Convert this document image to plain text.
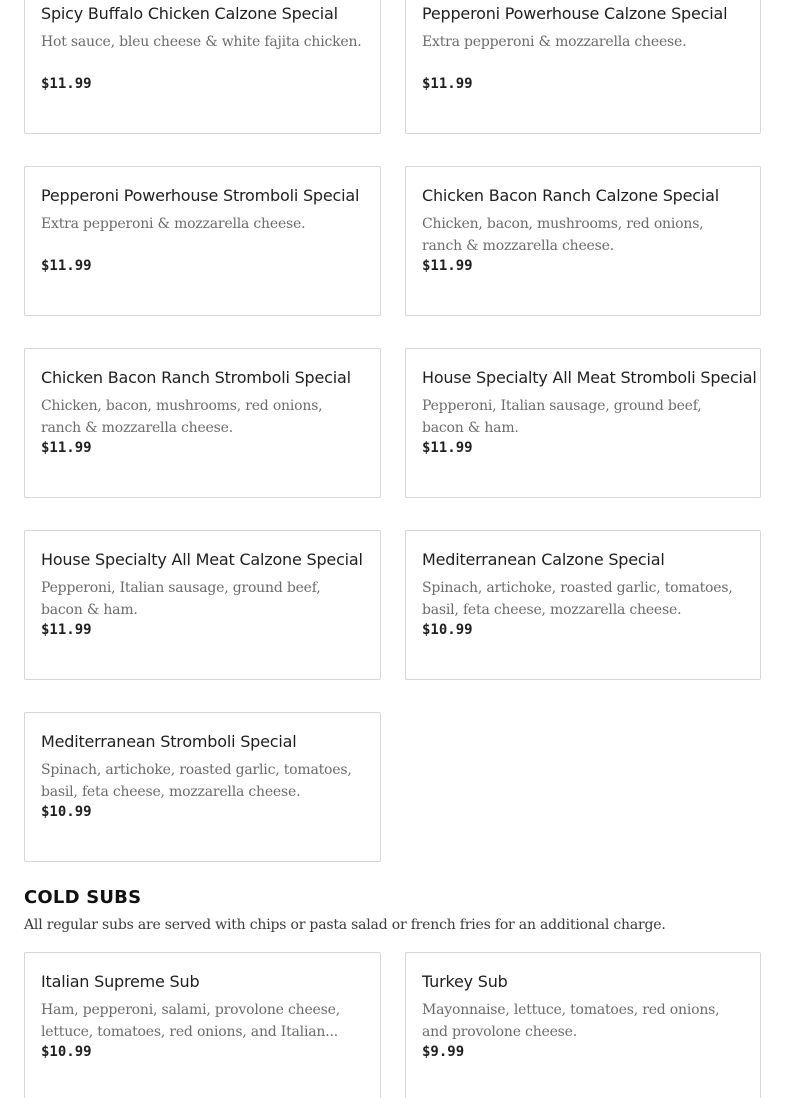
Spicy Buffalo Chicken Calzone Special
Hot sauce, bleu cheese & white fajita chicken.
$11.99
Pepperoni Powerhouse Calzone Special
Extra pepperoni & mozzarella cheese.
$11.99
Pepperoni Powerhouse Stromboli Special
Extra pepperoni & mozzarella cheese.
$11.99
Chicken Bacon Ranch Calzone Special
Chicken, bacon, mushrooms, red onions, ranch & mozzarella cheese.
$11.99
Chicken Bacon Ranch Stromboli Special
Chicken, bacon, mushrooms, red onions, ranch & mozzarella cheese.
$11.99
House Specialty All Meat Stromboli Special
Pepperoni, Italian sausage, ground beef, bacon & ham.
$11.99
House Specialty All Meat Calzone Special
Pepperoni, Italian sausage, ground beef, bacon & ham.
$11.99
Mediterranean Calzone Special
Spinach, artichoke, roasted garlic, tomatoes, basil, feta cheese, mozzarella cheese.
$10.99
Mediterranean Stromboli Special
Spinach, artichoke, roasted garlic, tomatoes, basil, feta cheese, mozzarella cheese.
$10.99
COLD SUBS
All regular subs are served with chips or pasta salad or french fries for an additional charge.
Italian Supreme Sub
Ham, pepperoni, salami, provolone cheese, lettuce, tomatoes, red onions, and Italian...
$10.99
Turkey Sub
Mayonnaise, lettuce, tomatoes, red onions, and provolone cheese.
$9.99
